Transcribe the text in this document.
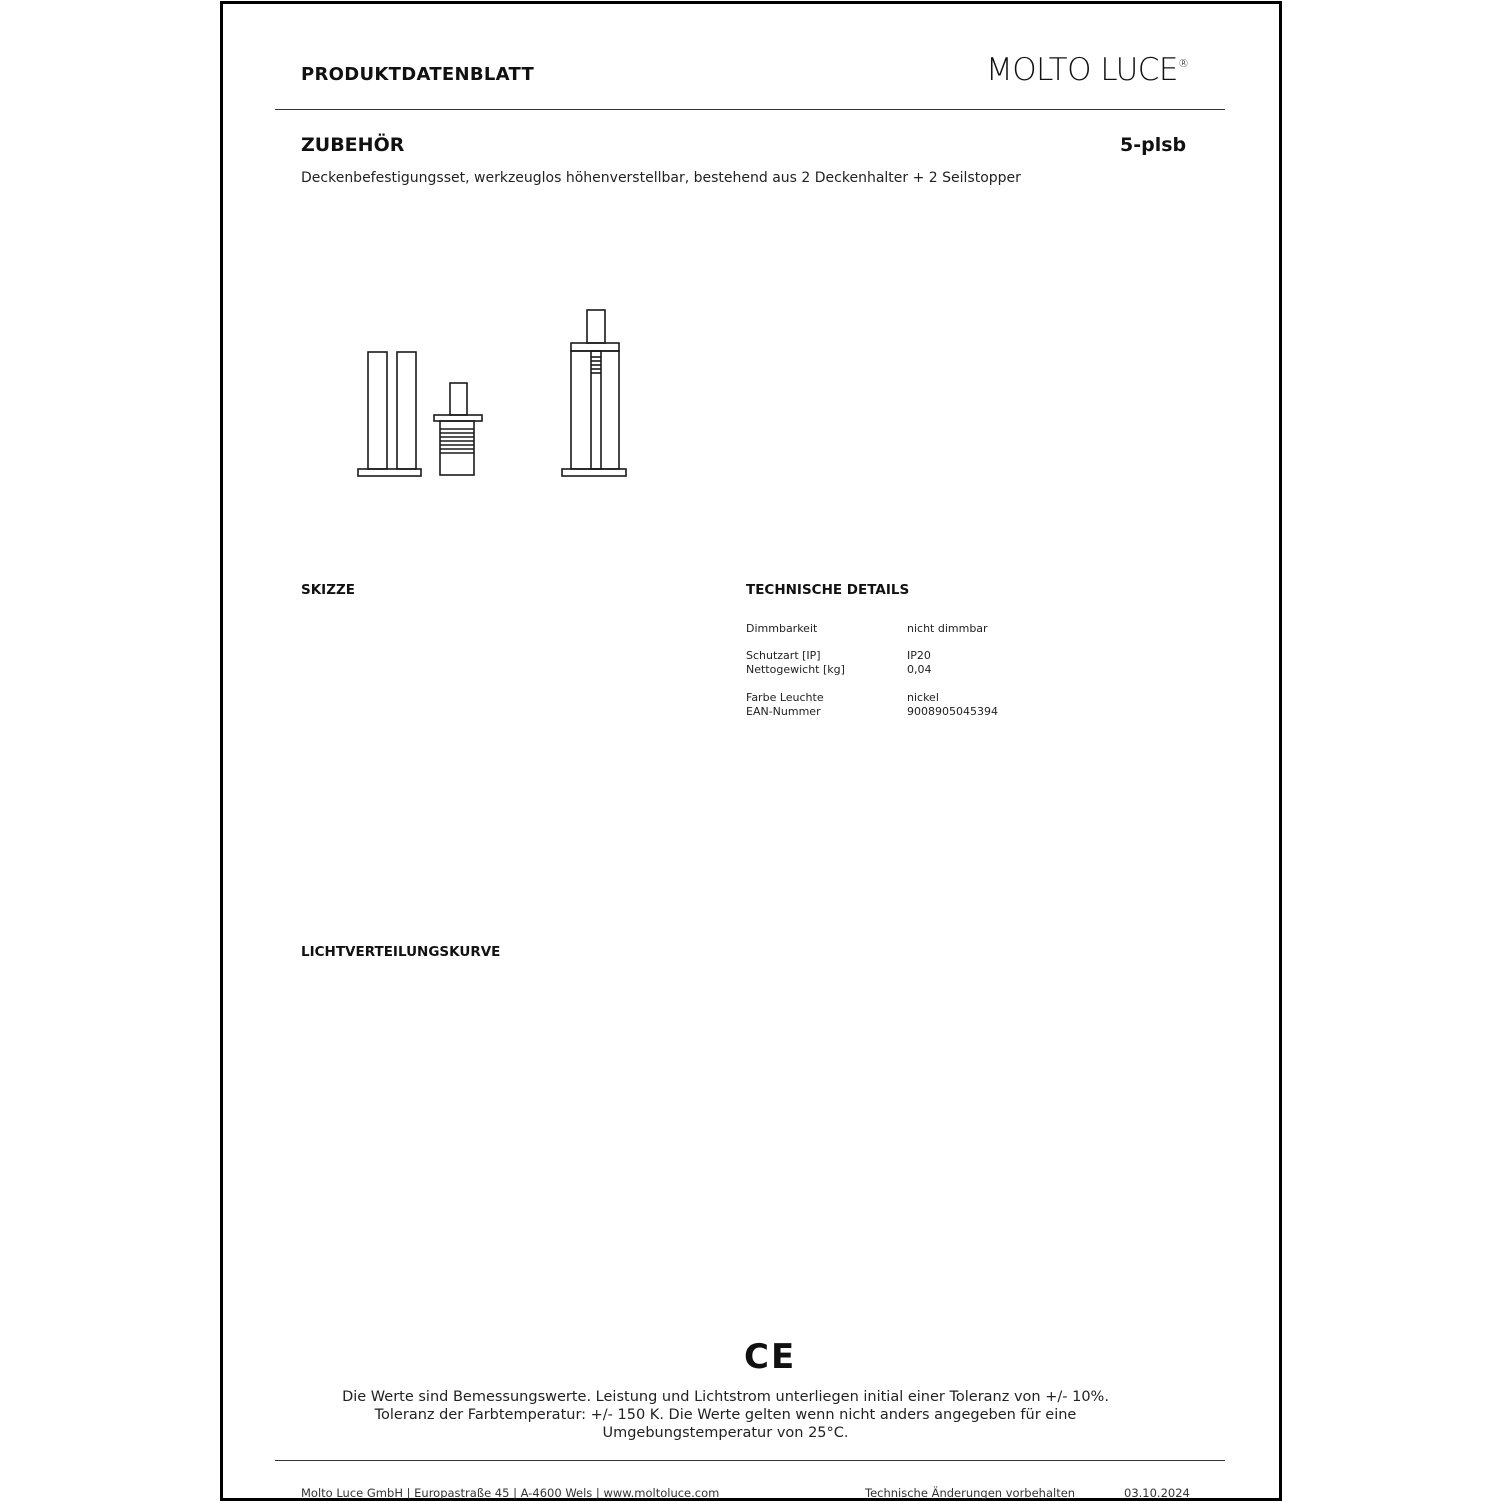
PRODUKTDATENBLATT	MOLTO LUCE®
ZUBEHÖR	5-plsb
Deckenbefestigungsset, werkzeuglos höhenverstellbar, bestehend aus 2 Deckenhalter + 2 Seilstopper
SKIZZE	TECHNISCHE DETAILS
Dimmbarkeit	nicht dimmbar
Schutzart [IP]	IP20
Nettogewicht [kg]	0,04
Farbe Leuchte	nickel
EAN-Nummer	9008905045394
LICHTVERTEILUNGSKURVE
CE
Die Werte sind Bemessungswerte. Leistung und Lichtstrom unterliegen initial einer Toleranz von +/- 10%.
Toleranz der Farbtemperatur: +/- 150 K. Die Werte gelten wenn nicht anders angegeben für eine
Umgebungstemperatur von 25°C.
Molto Luce GmbH | Europastraße 45 | A-4600 Wels | www.moltoluce.com	Technische Änderungen vorbehalten	03.10.2024
